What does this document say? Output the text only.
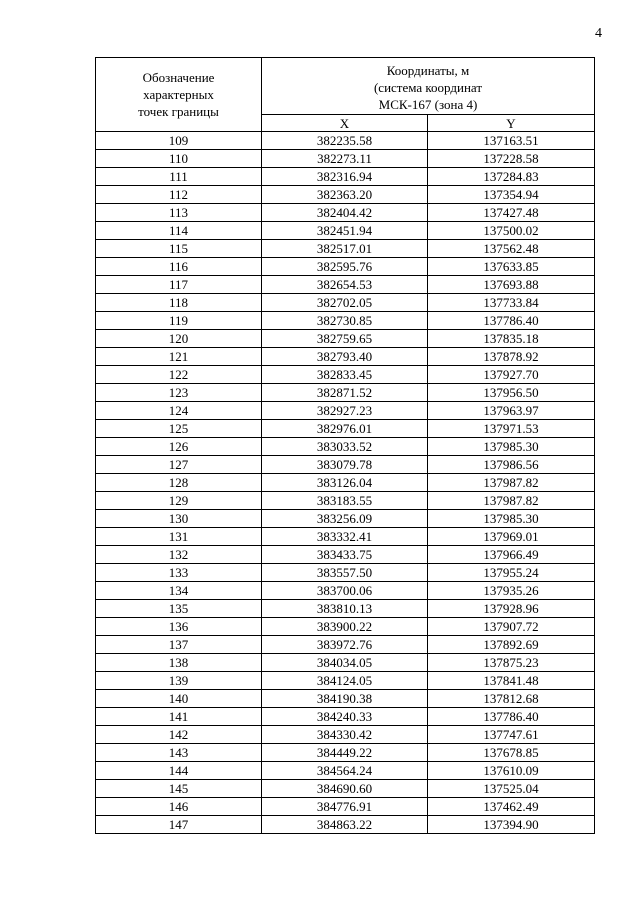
4
Обозначение
характерных
точек границы	Координаты, м
(система координат
МСК-167 (зона 4)	

	X	Y
109	382235.58	137163.51
110	382273.11	137228.58
111	382316.94	137284.83
112	382363.20	137354.94
113	382404.42	137427.48
114	382451.94	137500.02
115	382517.01	137562.48
116	382595.76	137633.85
117	382654.53	137693.88
118	382702.05	137733.84
119	382730.85	137786.40
120	382759.65	137835.18
121	382793.40	137878.92
122	382833.45	137927.70
123	382871.52	137956.50
124	382927.23	137963.97
125	382976.01	137971.53
126	383033.52	137985.30
127	383079.78	137986.56
128	383126.04	137987.82
129	383183.55	137987.82
130	383256.09	137985.30
131	383332.41	137969.01
132	383433.75	137966.49
133	383557.50	137955.24
134	383700.06	137935.26
135	383810.13	137928.96
136	383900.22	137907.72
137	383972.76	137892.69
138	384034.05	137875.23
139	384124.05	137841.48
140	384190.38	137812.68
141	384240.33	137786.40
142	384330.42	137747.61
143	384449.22	137678.85
144	384564.24	137610.09
145	384690.60	137525.04
146	384776.91	137462.49
147	384863.22	137394.90
